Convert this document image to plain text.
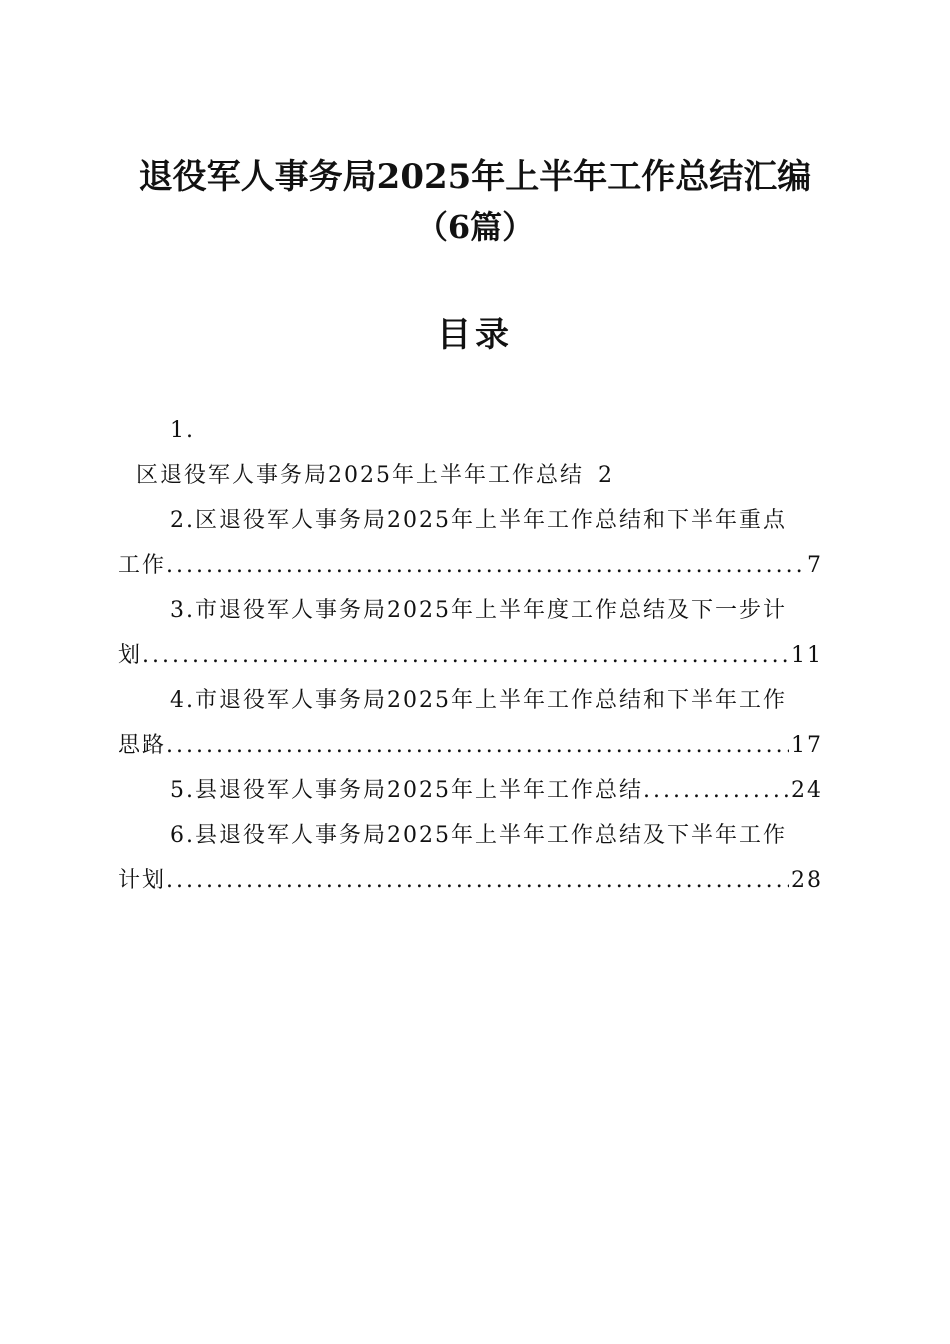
退役军人事务局2025年上半年工作总结汇编
（6篇）
目录
1.
区退役军人事务局2025年上半年工作总结 2
2.区退役军人事务局2025年上半年工作总结和下半年重点
工作 .....	7
3.市退役军人事务局2025年上半年度工作总结及下一步计
划 .....	11
4.市退役军人事务局2025年上半年工作总结和下半年工作
思路 .....	17
5.县退役军人事务局2025年上半年工作总结 .....	24
6.县退役军人事务局2025年上半年工作总结及下半年工作
计划 .....	28
